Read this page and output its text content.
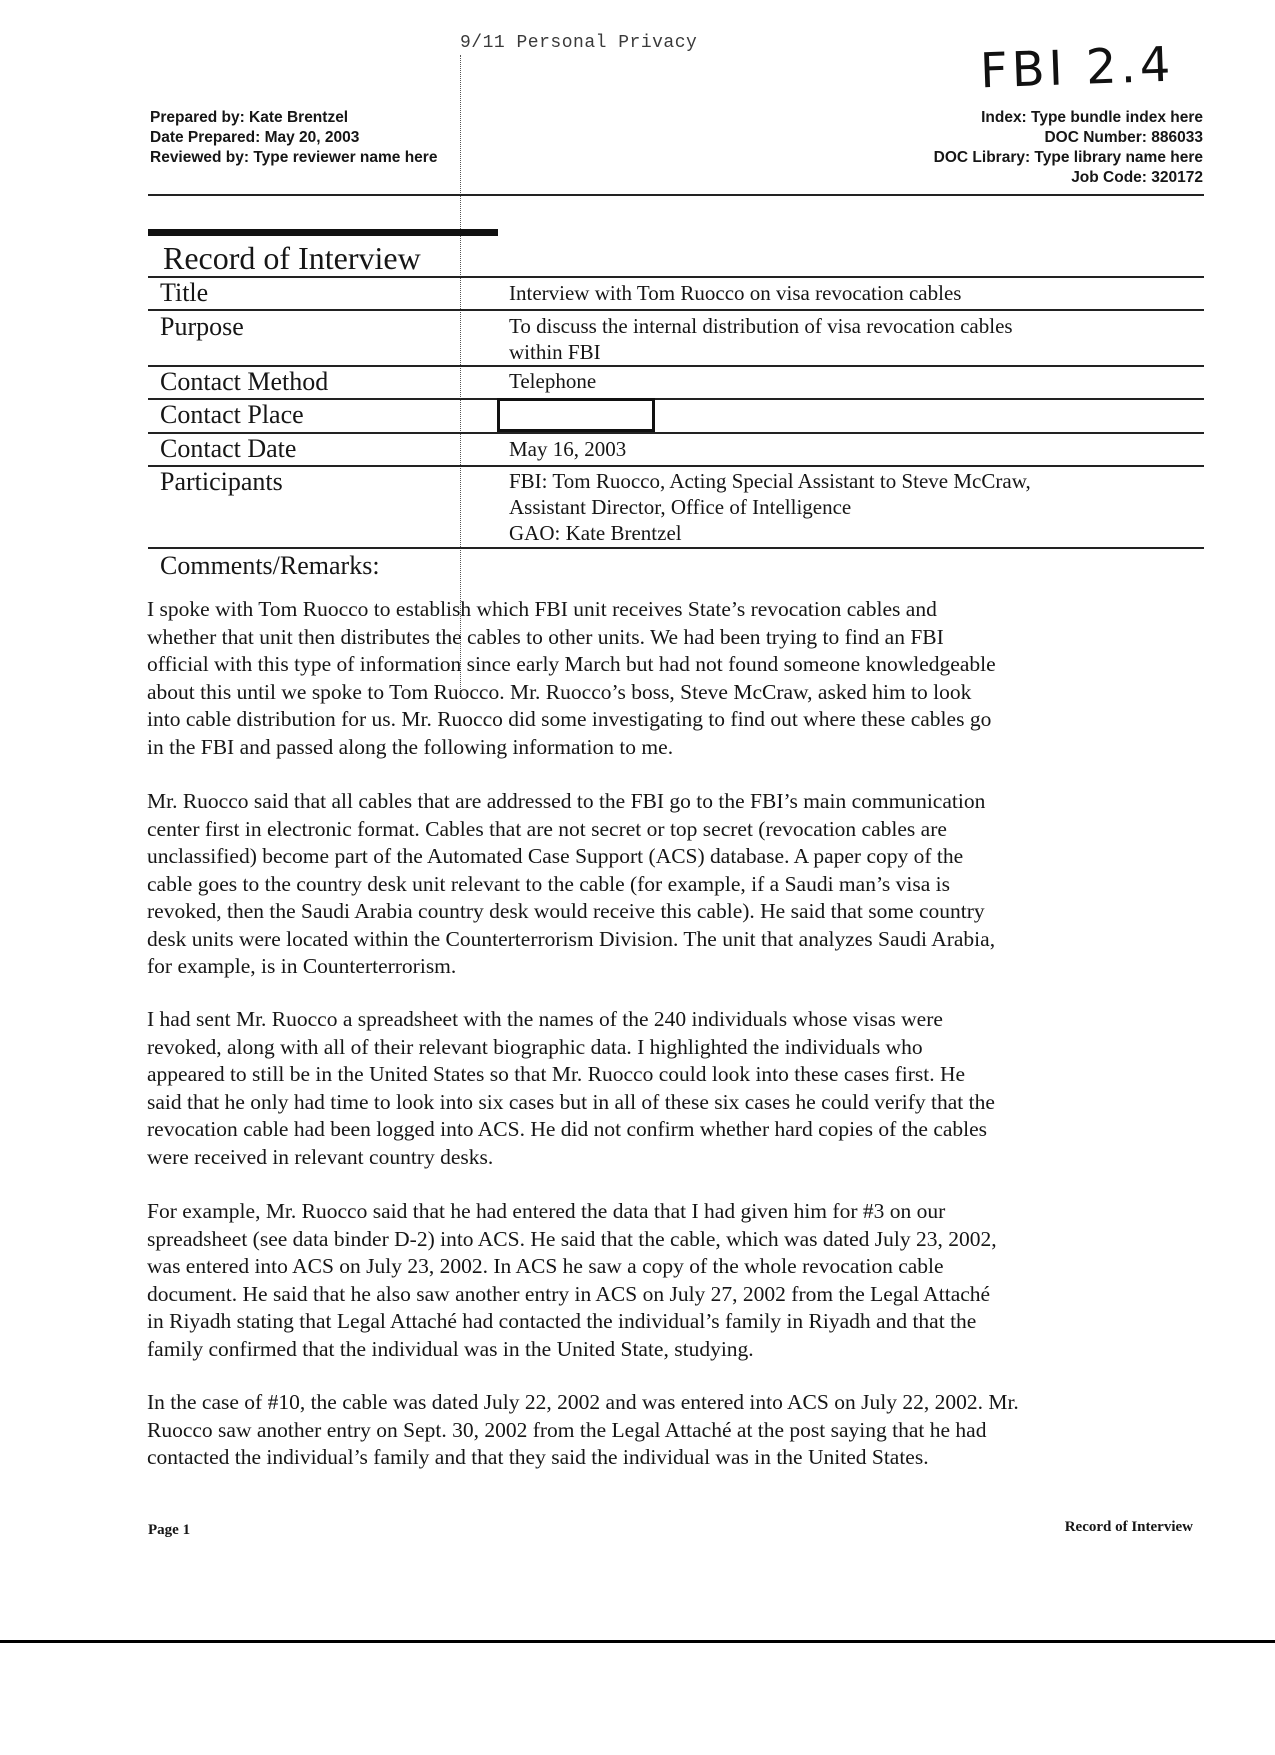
9/11 Personal Privacy	FBI 2.4
Prepared by: Kate Brentzel
Date Prepared: May 20, 2003
Reviewed by: Type reviewer name here
Index: Type bundle index here
DOC Number: 886033
DOC Library: Type library name here
Job Code: 320172
Record of Interview
Title	Interview with Tom Ruocco on visa revocation cables
Purpose	To discuss the internal distribution of visa revocation cables
within FBI
Contact Method	Telephone
Contact Place
Contact Date	May 16, 2003
Participants	FBI: Tom Ruocco, Acting Special Assistant to Steve McCraw,
Assistant Director, Office of Intelligence
GAO: Kate Brentzel
Comments/Remarks:
I spoke with Tom Ruocco to establish which FBI unit receives State’s revocation cables and
whether that unit then distributes the cables to other units. We had been trying to find an FBI
official with this type of information since early March but had not found someone knowledgeable
about this until we spoke to Tom Ruocco. Mr. Ruocco’s boss, Steve McCraw, asked him to look
into cable distribution for us. Mr. Ruocco did some investigating to find out where these cables go
in the FBI and passed along the following information to me.
Mr. Ruocco said that all cables that are addressed to the FBI go to the FBI’s main communication
center first in electronic format. Cables that are not secret or top secret (revocation cables are
unclassified) become part of the Automated Case Support (ACS) database. A paper copy of the
cable goes to the country desk unit relevant to the cable (for example, if a Saudi man’s visa is
revoked, then the Saudi Arabia country desk would receive this cable). He said that some country
desk units were located within the Counterterrorism Division. The unit that analyzes Saudi Arabia,
for example, is in Counterterrorism.
I had sent Mr. Ruocco a spreadsheet with the names of the 240 individuals whose visas were
revoked, along with all of their relevant biographic data. I highlighted the individuals who
appeared to still be in the United States so that Mr. Ruocco could look into these cases first. He
said that he only had time to look into six cases but in all of these six cases he could verify that the
revocation cable had been logged into ACS. He did not confirm whether hard copies of the cables
were received in relevant country desks.
For example, Mr. Ruocco said that he had entered the data that I had given him for #3 on our
spreadsheet (see data binder D-2) into ACS. He said that the cable, which was dated July 23, 2002,
was entered into ACS on July 23, 2002. In ACS he saw a copy of the whole revocation cable
document. He said that he also saw another entry in ACS on July 27, 2002 from the Legal Attaché
in Riyadh stating that Legal Attaché had contacted the individual’s family in Riyadh and that the
family confirmed that the individual was in the United State, studying.
In the case of #10, the cable was dated July 22, 2002 and was entered into ACS on July 22, 2002. Mr.
Ruocco saw another entry on Sept. 30, 2002 from the Legal Attaché at the post saying that he had
contacted the individual’s family and that they said the individual was in the United States.
Page 1	Record of Interview
